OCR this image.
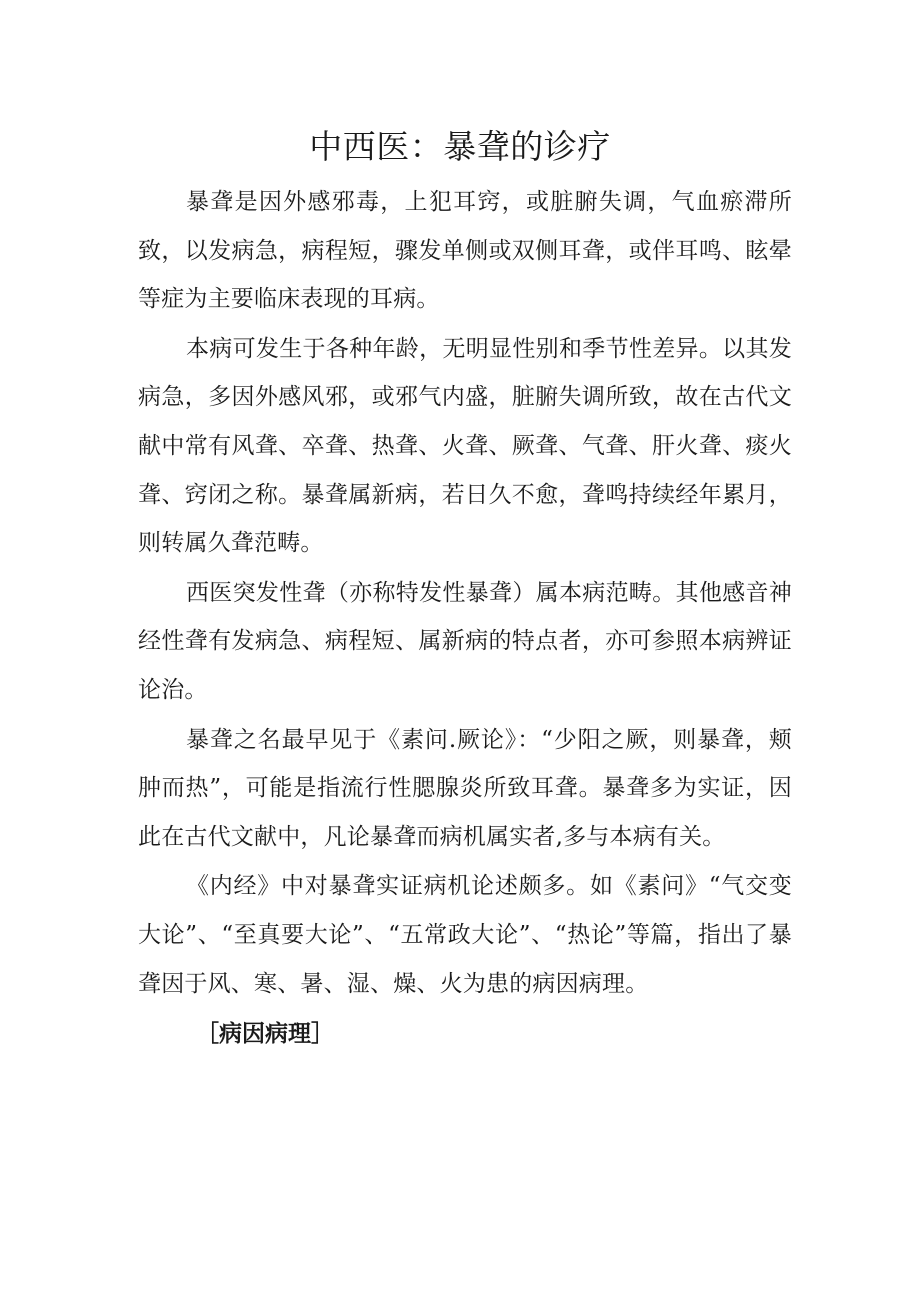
中西医：暴聋的诊疗

暴聋是因外感邪毒，上犯耳窍，或脏腑失调，气血瘀滞所致，以发病急，病程短，骤发单侧或双侧耳聋，或伴耳鸣、眩晕等症为主要临床表现的耳病。

本病可发生于各种年龄，无明显性别和季节性差异。以其发病急，多因外感风邪，或邪气内盛，脏腑失调所致，故在古代文献中常有风聋、卒聋、热聋、火聋、厥聋、气聋、肝火聋、痰火聋、窍闭之称。暴聋属新病，若日久不愈，聋鸣持续经年累月，则转属久聋范畴。

西医突发性聋（亦称特发性暴聋）属本病范畴。其他感音神经性聋有发病急、病程短、属新病的特点者，亦可参照本病辨证论治。

暴聋之名最早见于《素问.厥论》：“少阳之厥，则暴聋，颊肿而热”，可能是指流行性腮腺炎所致耳聋。暴聋多为实证，因此在古代文献中，凡论暴聋而病机属实者,多与本病有关。

《内经》中对暴聋实证病机论述颇多。如《素问》“气交变大论”、“至真要大论”、“五常政大论”、“热论”等篇，指出了暴聋因于风、寒、暑、湿、燥、火为患的病因病理。

［病因病理］
